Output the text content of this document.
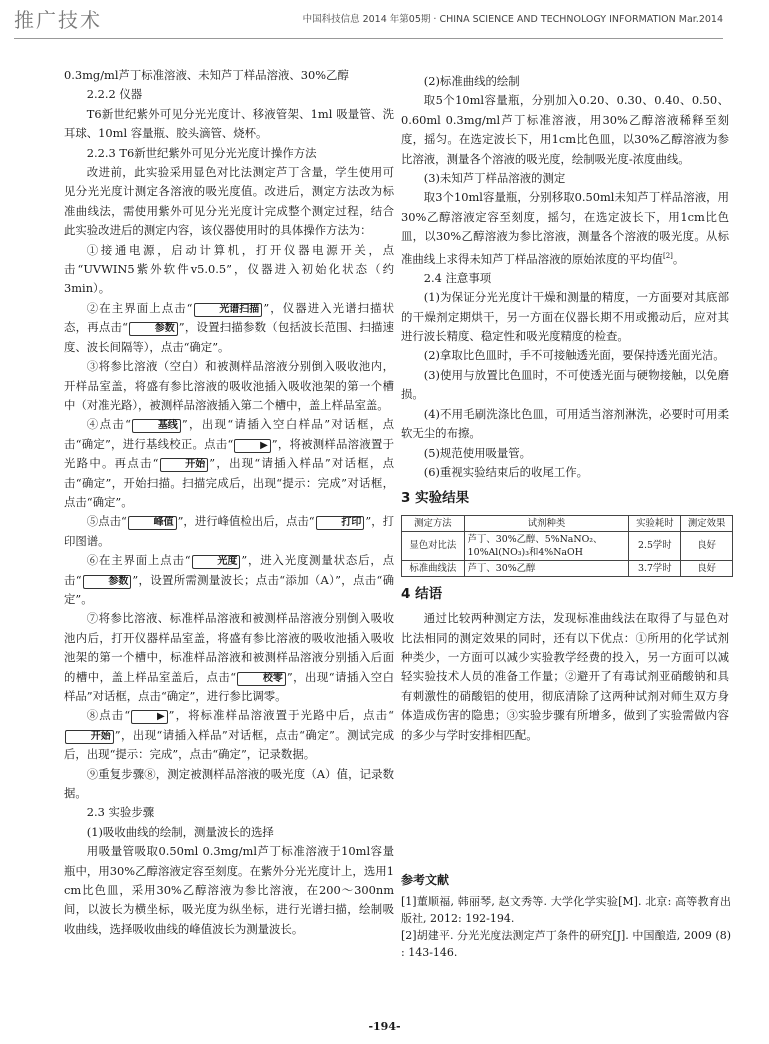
推广技术	中国科技信息 2014 年第05期 · CHINA SCIENCE AND TECHNOLOGY INFORMATION Mar.2014

0.3mg/ml芦丁标准溶液、未知芦丁样品溶液、30%乙醇

2.2.2 仪器

T6新世纪紫外可见分光光度计、移液管架、1ml 吸量管、洗耳球、10ml 容量瓶、胶头滴管、烧杯。

2.2.3 T6新世纪紫外可见分光光度计操作方法

改进前，此实验采用显色对比法测定芦丁含量，学生使用可见分光光度计测定各溶液的吸光度值。改进后，测定方法改为标准曲线法，需使用紫外可见分光光度计完成整个测定过程，结合此实验改进后的测定内容，该仪器使用时的具体操作方法为：

①接通电源，启动计算机，打开仪器电源开关，点击“UVWIN5紫外软件v5.0.5”，仪器进入初始化状态（约3min）。

②在主界面上点击“	光谱扫描 ”，仪器进入光谱扫描状态，再点击“	参数 ”，设置扫描参数（包括波长范围、扫描速度、波长间隔等），点击“确定”。

③将参比溶液（空白）和被测样品溶液分别倒入吸收池内，开样品室盖，将盛有参比溶液的吸收池插入吸收池架的第一个槽中（对准光路），被测样品溶液插入第二个槽中，盖上样品室盖。

④点击“	基线 ”，出现“请插入空白样品”对话框，点击“确定”，进行基线校正。点击“	▶ ”，将被测样品溶液置于光路中。再点击“	开始 ”，出现“请插入样品”对话框，点击“确定”，开始扫描。扫描完成后，出现“提示：完成”对话框，点击“确定”。

⑤点击“	峰值 ”，进行峰值检出后，点击“	打印 ”，打印图谱。

⑥在主界面上点击“	光度 ”，进入光度测量状态后，点击“	参数 ”，设置所需测量波长；点击“添加（A）”，点击“确定”。

⑦将参比溶液、标准样品溶液和被测样品溶液分别倒入吸收池内后，打开仪器样品室盖，将盛有参比溶液的吸收池插入吸收池架的第一个槽中，标准样品溶液和被测样品溶液分别插入后面的槽中，盖上样品室盖后，点击“	校零 ”，出现“请插入空白样品”对话框，点击“确定”，进行参比调零。

⑧点击“	▶ ”，将标准样品溶液置于光路中后，点击“开始 ”，出现“请插入样品”对话框，点击“确定”。测试完成后，出现“提示：完成”，点击“确定”，记录数据。

⑨重复步骤⑧，测定被测样品溶液的吸光度（A）值，记录数据。

2.3 实验步骤

(1)吸收曲线的绘制，测量波长的选择

用吸量管吸取0.50ml 0.3mg/ml芦丁标准溶液于10ml容量瓶中，用30%乙醇溶液定容至刻度。在紫外分光光度计上，选用1 cm比色皿，采用30%乙醇溶液为参比溶液，在200～300nm间，以波长为横坐标，吸光度为纵坐标，进行光谱扫描，绘制吸收曲线，选择吸收曲线的峰值波长为测量波长。

(2)标准曲线的绘制

取5个10ml容量瓶，分别加入0.20、0.30、0.40、0.50、0.60ml 0.3mg/ml芦丁标准溶液，用30%乙醇溶液稀释至刻度，摇匀。在选定波长下，用1cm比色皿，以30%乙醇溶液为参比溶液，测量各个溶液的吸光度，绘制吸光度-浓度曲线。

(3)未知芦丁样品溶液的测定

取3个10ml容量瓶，分别移取0.50ml未知芦丁样品溶液，用30%乙醇溶液定容至刻度，摇匀，在选定波长下，用1cm比色皿，以30%乙醇溶液为参比溶液，测量各个溶液的吸光度。从标准曲线上求得未知芦丁样品溶液的原始浓度的平均值[2]。

2.4 注意事项

(1)为保证分光光度计干燥和测量的精度，一方面要对其底部的干燥剂定期烘干，另一方面在仪器长期不用或搬动后，应对其进行波长精度、稳定性和吸光度精度的检查。

(2)拿取比色皿时，手不可接触透光面，要保持透光面光洁。

(3)使用与放置比色皿时，不可使透光面与硬物接触，以免磨损。

(4)不用毛刷洗涤比色皿，可用适当溶剂淋洗，必要时可用柔软无尘的布擦。

(5)规范使用吸量管。

(6)重视实验结束后的收尾工作。

3 实验结果

测定方法	试剂种类	实验耗时	测定效果
显色对比法	芦丁、30%乙醇、5%NaNO₂、
10%Al(NO₃)₃和4%NaOH	2.5学时	良好
标准曲线法	芦丁、30%乙醇	3.7学时	良好

4 结语

通过比较两种测定方法，发现标准曲线法在取得了与显色对比法相同的测定效果的同时，还有以下优点：①所用的化学试剂种类少，一方面可以减少实验教学经费的投入，另一方面可以减轻实验技术人员的准备工作量；②避开了有毒试剂亚硝酸钠和具有刺激性的硝酸铝的使用，彻底清除了这两种试剂对师生双方身体造成伤害的隐患；③实验步骤有所增多，做到了实验需做内容的多少与学时安排相匹配。

参考文献

[1]董顺福, 韩丽琴, 赵文秀等. 大学化学实验[M]. 北京: 高等教育出版社, 2012: 192-194.

[2]胡建平. 分光光度法测定芦丁条件的研究[J]. 中国酿造, 2009 (8) : 143-146.

-194-
